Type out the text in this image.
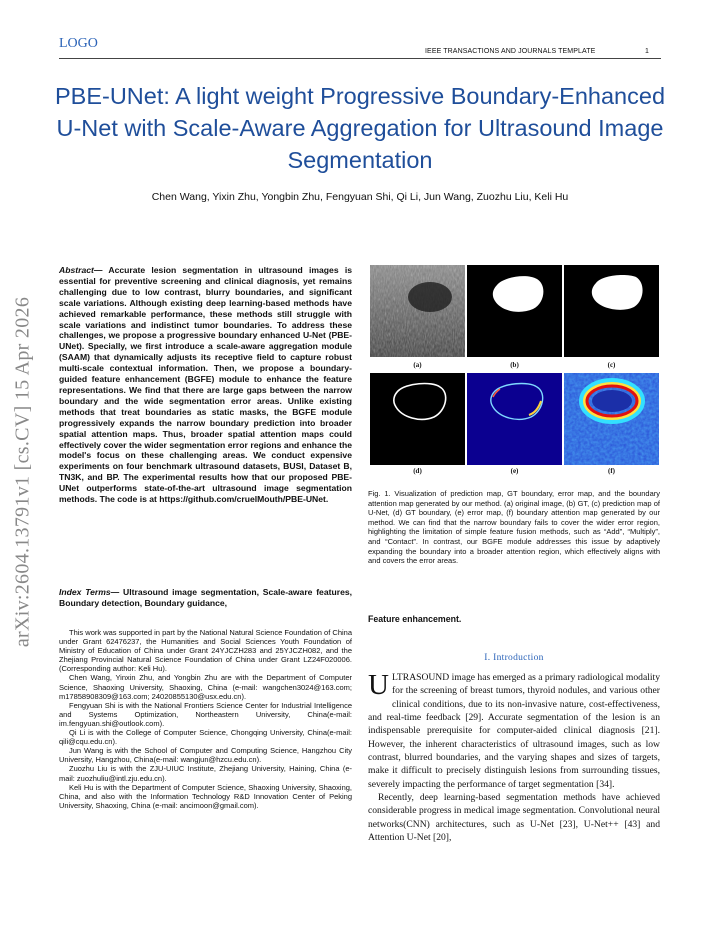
LOGO
IEEE TRANSACTIONS AND JOURNALS TEMPLATE	1
PBE-UNet: A light weight Progressive Boundary-Enhanced U-Net with Scale-Aware Aggregation for Ultrasound Image Segmentation
Chen Wang, Yixin Zhu, Yongbin Zhu, Fengyuan Shi, Qi Li, Jun Wang, Zuozhu Liu, Keli Hu
arXiv:2604.13791v1 [cs.CV] 15 Apr 2026
Abstract— Accurate lesion segmentation in ultrasound images is essential for preventive screening and clinical diagnosis, yet remains challenging due to low contrast, blurry boundaries, and significant scale variations. Although existing deep learning-based methods have achieved remarkable performance, these methods still struggle with scale variations and indistinct tumor boundaries. To address these challenges, we propose a progressive boundary enhanced U-Net (PBE-UNet). Specially, we first introduce a scale-aware aggregation module (SAAM) that dynamically adjusts its receptive field to capture robust multi-scale contextual information. Then, we propose a boundary-guided feature enhancement (BGFE) module to enhance the feature representations. We find that there are large gaps between the narrow boundary and the wide segmentation error areas. Unlike existing methods that treat boundaries as static masks, the BGFE module progressively expands the narrow boundary prediction into broader spatial attention maps. Thus, broader spatial attention maps could effectively cover the wider segmentation error regions and enhance the model's focus on these challenging areas. We conduct expensive experiments on four benchmark ultrasound datasets, BUSI, Dataset B, TN3K, and BP. The experimental results how that our proposed PBE-UNet outperforms state-of-the-art ultrasound image segmentation methods. The code is at https://github.com/cruelMouth/PBE-UNet.
Index Terms— Ultrasound image segmentation, Scale-aware features, Boundary detection, Boundary guidance,

This work was supported in part by the National Natural Science Foundation of China under Grant 62476237, the Humanities and Social Sciences Youth Foundation of Ministry of Education of China under Grant 24YJCZH283 and 25YJCZH082, and the Zhejiang Provincial Natural Science Foundation of China under Grant LZ24F020006. (Corresponding author: Keli Hu).

Chen Wang, Yinxin Zhu, and Yongbin Zhu are with the Department of Computer Science, Shaoxing University, Shaoxing, China (e-mail: wangchen3024@163.com; m17858908309@163.com; 24020855130@usx.edu.cn).

Fengyuan Shi is with the National Frontiers Science Center for Industrial Intelligence and Systems Optimization, Northeastern University, China(e-mail: im.fengyuan.shi@outlook.com).

Qi Li is with the College of Computer Science, Chongqing University, China(e-mail: qili@cqu.edu.cn).

Jun Wang is with the School of Computer and Computing Science, Hangzhou City University, Hangzhou, China(e-mail: wangjun@hzcu.edu.cn).

Zuozhu Liu is with the ZJU-UIUC Institute, Zhejiang University, Haining, China (e-mail: zuozhuliu@intl.zju.edu.cn).

Keli Hu is with the Department of Computer Science, Shaoxing University, Shaoxing, China, and also with the Information Technology R&D Innovation Center of Peking University, Shaoxing, China (e-mail: ancimoon@gmail.com).

(a)	(b)	(c)
(d)	(e)	(f)
Fig. 1. Visualization of prediction map, GT boundary, error map, and the boundary attention map generated by our method. (a) original image, (b) GT, (c) prediction map of U-Net, (d) GT boundary, (e) error map, (f) boundary attention map generated by our method. We can find that the narrow boundary fails to cover the wider error region, highlighting the limitation of simple feature fusion methods, such as “Add”, “Multiply”, and “Contact”. In contrast, our BGFE module addresses this issue by adaptively expanding the boundary into a broader attention region, which effectively aligns with and covers the error areas.
Feature enhancement.
I. Introduction

ULTRASOUND image has emerged as a primary radiological modality for the screening of breast tumors, thyroid nodules, and various other clinical conditions, due to its non-invasive nature, cost-effectiveness, and real-time feedback [29]. Accurate segmentation of the lesion is an indispensable prerequisite for computer-aided clinical diagnosis [21]. However, the inherent characteristics of ultrasound images, such as low contrast, blurred boundaries, and the varying shapes and sizes of targets, make it difficult to precisely distinguish lesions from surrounding tissues, severely impacting the performance of target segmentation [34].

Recently, deep learning-based segmentation methods have achieved considerable progress in medical image segmentation. Convolutional neural networks(CNN) architectures, such as U-Net [23], U-Net++ [43] and Attention U-Net [20],
